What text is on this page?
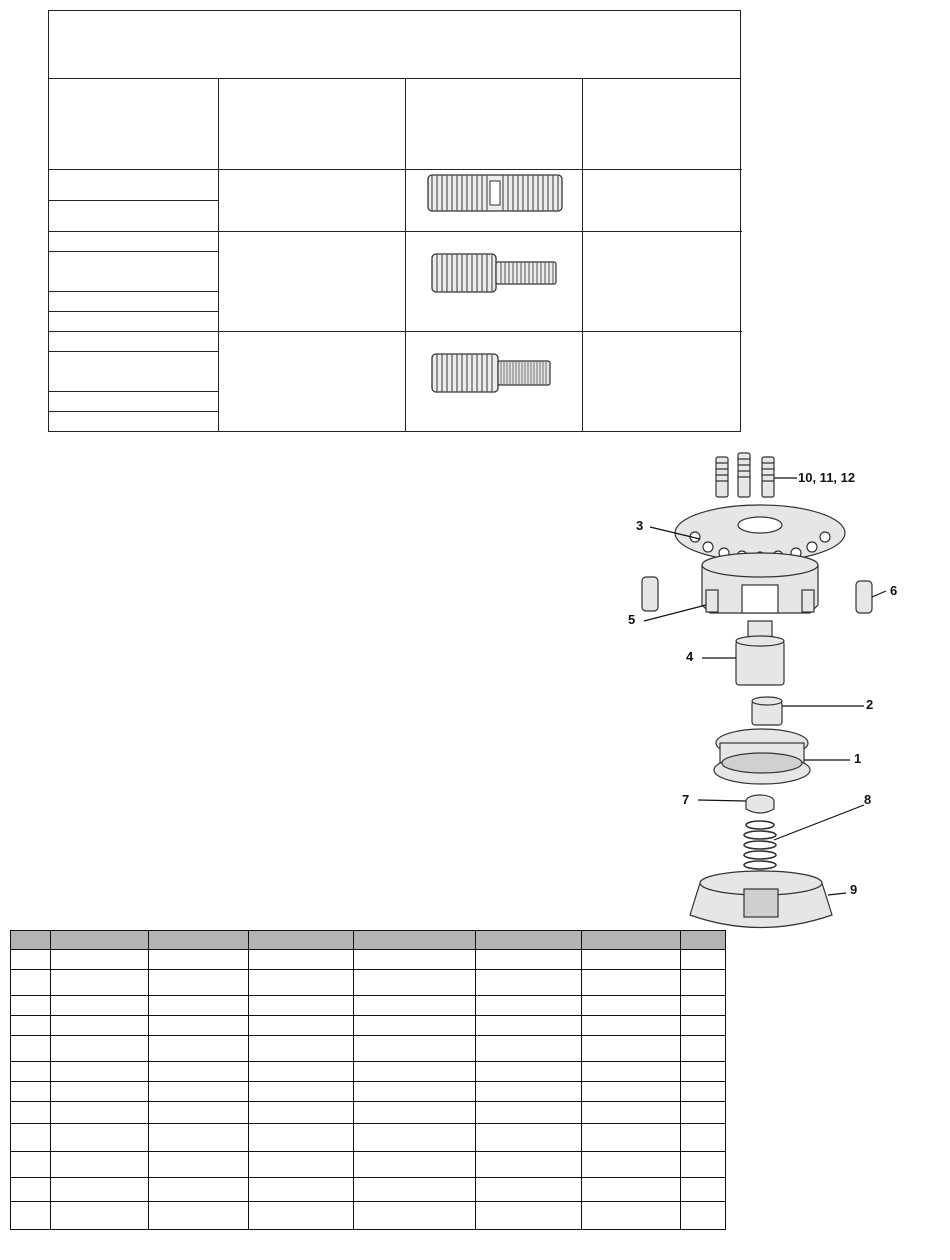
10, 11, 12
3
5
6
4
2
1
7	8
9
